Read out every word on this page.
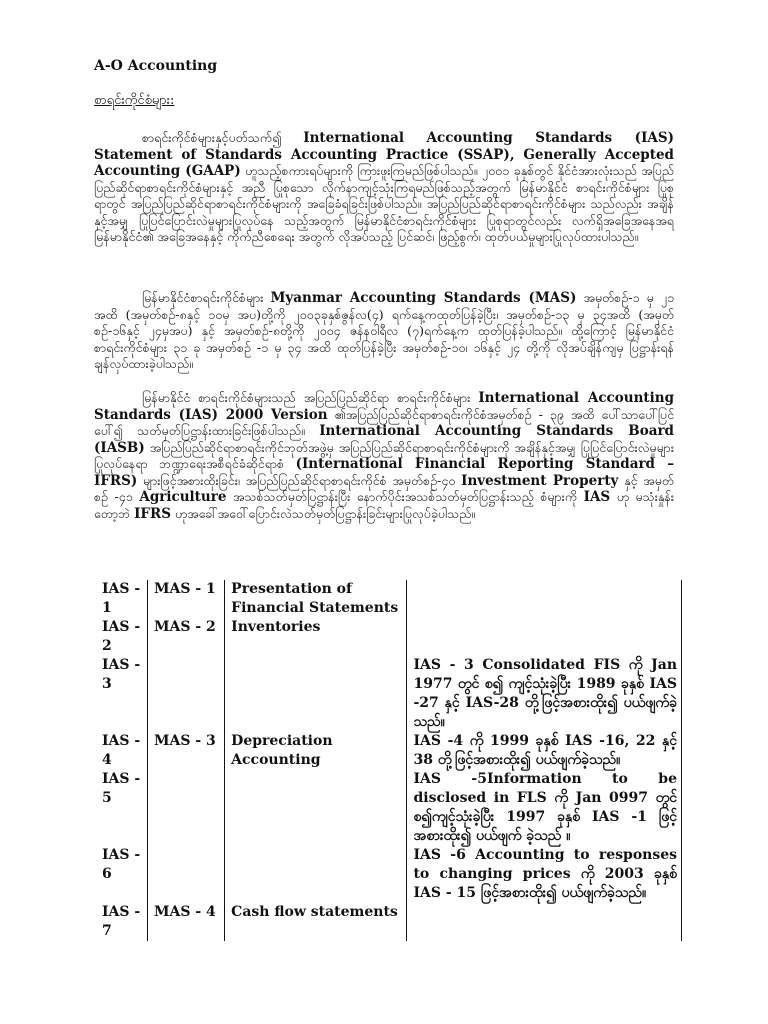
A-O Accounting
စာရင်းကိုင်စံများ:

စာရင်းကိုင်စံများနှင့်ပတ်သက်၍ International Accounting Standards (IAS) Statement of Standards Accounting Practice (SSAP), Generally Accepted Accounting (GAAP) ဟူသည့်စကားရပ်များကို ကြားဖူးကြမည်ဖြစ်ပါသည်။ ၂၀၀၁ ခုနှစ်တွင် နိုင်ငံအားလုံးသည် အပြည်ပြည်ဆိုင်ရာစာရင်းကိုင်စံများနှင့် အညီ ပြုစုသော လိုက်နာကျင့်သုံးကြရမည်ဖြစ်သည့်အတွက် မြန်မာနိုင်ငံ စာရင်းကိုင်စံများ ပြုစုရာတွင် အပြည်ပြည်ဆိုင်ရာစာရင်းကိုင်စံများကို အခြေခံရခြင်းဖြစ်ပါသည်။ အပြည်ပြည်ဆိုင်ရာစာရင်းကိုင်စံများ သည်လည်း အချိန်နှင့်အမျှ ပြုပြင်ပြောင်းလဲမှုများပြုလုပ်နေ သည့်အတွက် မြန်မာနိုင်ငံစာရင်းကိုင်စံများ ပြုစုရာတွင်လည်း လက်ရှိအခြေအနေအရ မြန်မာနိုင်ငံ၏ အခြေအနေနှင့် ကိုက်ညီစေရေး အတွက် လိုအပ်သည့် ပြင်ဆင်၊ ဖြည့်စွက်၊ ထုတ်ပယ်မှုများပြုလုပ်ထားပါသည်။

မြန်မာနိုင်ငံစာရင်းကိုင်စံများ Myanmar Accounting Standards (MAS) အမှတ်စဉ်-၁ မှ ၂၁ အထိ (အမှတ်စဉ်-၈နှင့် ၁၀မှ အပ)တို့ကို ၂၀၀၃ခုနှစ်ဇွန်လ(၄) ရက်နေ့ကထုတ်ပြန်ခဲ့ပြီး၊ အမှတ်စဉ်-၁၃ မှ ၃၄အထိ (အမှတ်စဉ်-၁၆နှင့် ၂၄မှအပ) နှင့် အမှတ်စဉ်-၈တို့ကို ၂၀၀၄ ဇန်နဝါရီလ (၇)ရက်နေ့က ထုတ်ပြန်ခဲ့ပါသည်။ ထို့ကြောင့် မြန်မာနိုင်ငံ စာရင်းကိုင်စံများ ၃၁ ခု အမှတ်စဉ် -၁ မှ ၃၄ အထိ ထုတ်ပြန်ခဲ့ပြီး အမှတ်စဉ်-၁၀၊ ၁၆နှင့် ၂၄ တို့ကို လိုအပ်ချိန်ကျမှ ပြဋ္ဌာန်းရန်ချန်လှပ်ထားခဲ့ပါသည်။

မြန်မာနိုင်ငံ စာရင်းကိုင်စံများသည် အပြည်ပြည်ဆိုင်ရာ စာရင်းကိုင်စံများ International Accounting Standards (IAS) 2000 Version ၏အပြည်ပြည်ဆိုင်ရာစာရင်းကိုင်စံအမှတ်စဉ် - ၃၉ အထိ ပေါ်သာပေါ်ပြင်ပေါ်၍ သတ်မှတ်ပြဋ္ဌာန်းထားခြင်းဖြစ်ပါသည်။ International Accounting Standards Board (IASB) အပြည်ပြည်ဆိုင်ရာစာရင်းကိုင်ဘုတ်အဖွဲ့မှ အပြည်ပြည်ဆိုင်ရာစာရင်းကိုင်စံများကို အချိန်နှင့်အမျှ ပြုပြင်ပြောင်းလဲမှုများပြုလုပ်နေရာ ဘဏ္ဍာရေးအစီရင်ခံဆိုင်ရာစံ (International Financial Reporting Standard – IFRS) များဖြင့်အစားထိုးခြင်း၊ အပြည်ပြည်ဆိုင်ရာစာရင်းကိုင်စံ အမှတ်စဉ်-၄၀ Investment Property နှင့် အမှတ်စဉ် -၄၁ Agriculture အသစ်သတ်မှတ်ပြဋ္ဌာန်းပြီး နောက်ပိုင်းအသစ်သတ်မှတ်ပြဋ္ဌာန်းသည့် စံများကို IAS ဟု မသုံးနှုန်းတော့ဘဲ IFRS ဟုအခေါ်အဝေါ်ပြောင်းလဲသတ်မှတ်ပြဋ္ဌာန်းခြင်းများပြုလုပ်ခဲ့ပါသည်။

IAS - 1	MAS - 1	Presentation of Financial Statements	
IAS - 2	MAS - 2	Inventories	
IAS - 3			IAS - 3 Consolidated FIS ကို Jan 1977 တွင် စ၍ ကျင့်သုံးခဲ့ပြီး 1989 ခုနှစ် IAS -27 နှင့် IAS-28 တို့ဖြင့်အစားထိုး၍ ပယ်ဖျက်ခဲ့သည်။
IAS - 4	MAS - 3	Depreciation Accounting	IAS -4 ကို 1999 ခုနှစ် IAS -16, 22 နှင့် 38 တို့ဖြင့်အစားထိုး၍ ပယ်ဖျက်ခဲ့သည်။
IAS - 5			IAS -5Information to be disclosed in FLS ကို Jan 0997 တွင် စ၍ကျင့်သုံးခဲ့ပြီး 1997 ခုနှစ် IAS -1 ဖြင့်အစားထိုး၍ ပယ်ဖျက် ခဲ့သည် ။
IAS - 6			IAS -6 Accounting to responses to changing prices ကို 2003 ခုနှစ် IAS - 15 ဖြင့်အစားထိုး၍ ပယ်ဖျက်ခဲ့သည်။
IAS - 7	MAS - 4	Cash flow statements	
